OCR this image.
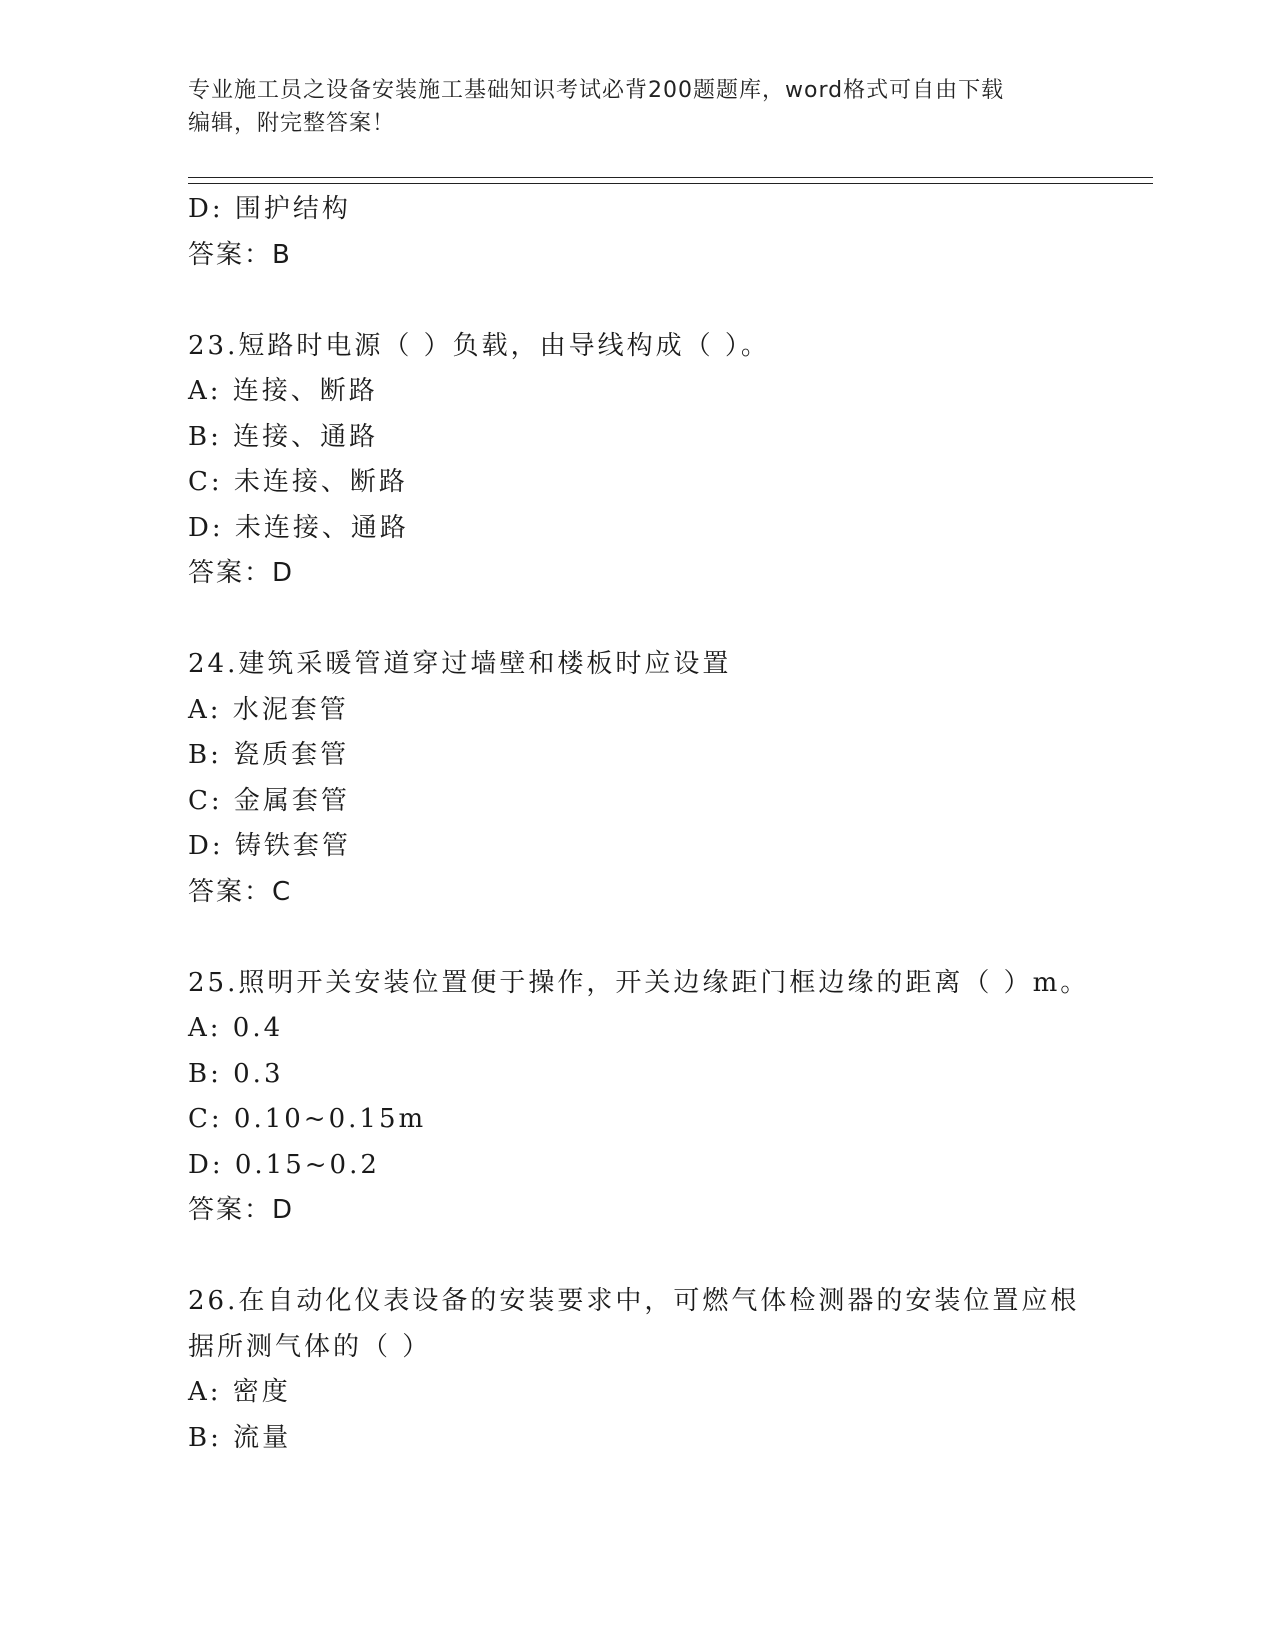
专业施工员之设备安装施工基础知识考试必背200题题库，word格式可自由下载
编辑，附完整答案！
D: 围护结构
答案：B
23.短路时电源（ ）负载，由导线构成（ ）。
A: 连接、断路
B: 连接、通路
C: 未连接、断路
D: 未连接、通路
答案：D
24.建筑采暖管道穿过墙壁和楼板时应设置
A: 水泥套管
B: 瓷质套管
C: 金属套管
D: 铸铁套管
答案：C
25.照明开关安装位置便于操作，开关边缘距门框边缘的距离（ ）m。
A: 0.4
B: 0.3
C: 0.10~0.15m
D: 0.15~0.2
答案：D
26.在自动化仪表设备的安装要求中，可燃气体检测器的安装位置应根
据所测气体的（ ）
A: 密度
B: 流量
